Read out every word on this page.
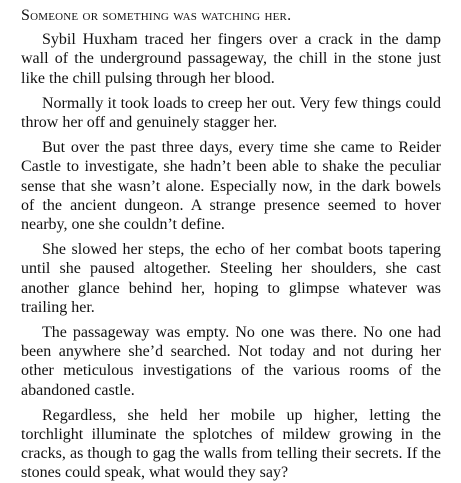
Someone or something was watching her.

Sybil Huxham traced her fingers over a crack in the damp wall of the underground passageway, the chill in the stone just like the chill pulsing through her blood.

Normally it took loads to creep her out. Very few things could throw her off and genuinely stagger her.

But over the past three days, every time she came to Reider Castle to investigate, she hadn’t been able to shake the peculiar sense that she wasn’t alone. Especially now, in the dark bowels of the ancient dungeon. A strange presence seemed to hover nearby, one she couldn’t define.

She slowed her steps, the echo of her combat boots tapering until she paused altogether. Steeling her shoulders, she cast another glance behind her, hoping to glimpse whatever was trailing her.

The passageway was empty. No one was there. No one had been anywhere she’d searched. Not today and not during her other meticulous investigations of the various rooms of the abandoned castle.

Regardless, she held her mobile up higher, letting the torchlight illuminate the splotches of mildew growing in the cracks, as though to gag the walls from telling their secrets. If the stones could speak, what would they say?
